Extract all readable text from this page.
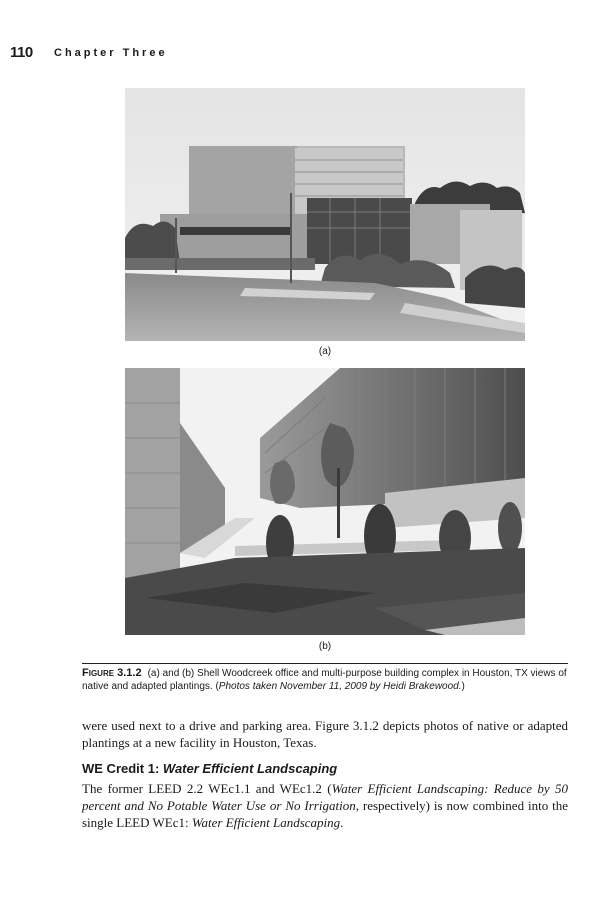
110 Chapter Three
(a)
(b)
Figure 3.1.2 (a) and (b) Shell Woodcreek office and multi-purpose building complex in Houston, TX views of native and adapted plantings. (Photos taken November 11, 2009 by Heidi Brakewood.)

were used next to a drive and parking area. Figure 3.1.2 depicts photos of native or adapted plantings at a new facility in Houston, Texas.

WE Credit 1: Water Efficient Landscaping

The former LEED 2.2 WEc1.1 and WEc1.2 (Water Efficient Landscaping: Reduce by 50 percent and No Potable Water Use or No Irrigation, respectively) is now combined into the single LEED WEc1: Water Efficient Landscaping.
